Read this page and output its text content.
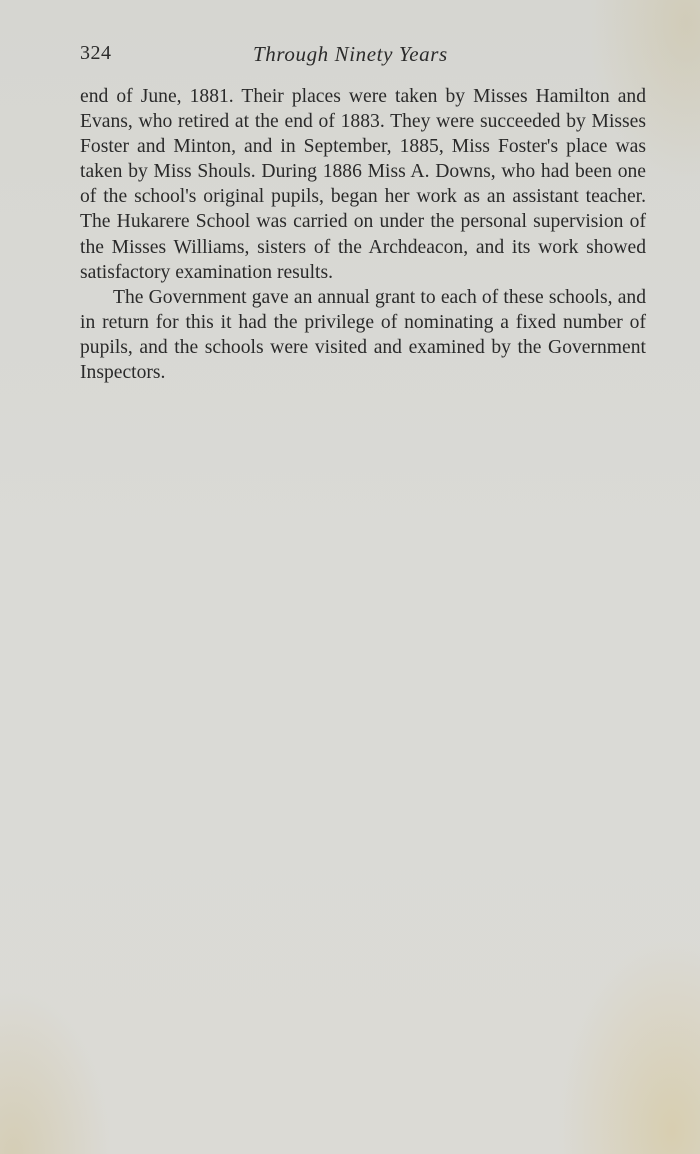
324	Through Ninety Years

end of June, 1881. Their places were taken by Misses Hamilton and Evans, who retired at the end of 1883. They were succeeded by Misses Foster and Minton, and in September, 1885, Miss Foster's place was taken by Miss Shouls. During 1886 Miss A. Downs, who had been one of the school's original pupils, began her work as an assistant teacher. The Hukarere School was carried on under the personal supervision of the Misses Williams, sisters of the Archdeacon, and its work showed satisfactory examination results.

The Government gave an annual grant to each of these schools, and in return for this it had the privilege of nominating a fixed number of pupils, and the schools were visited and examined by the Government Inspectors.
